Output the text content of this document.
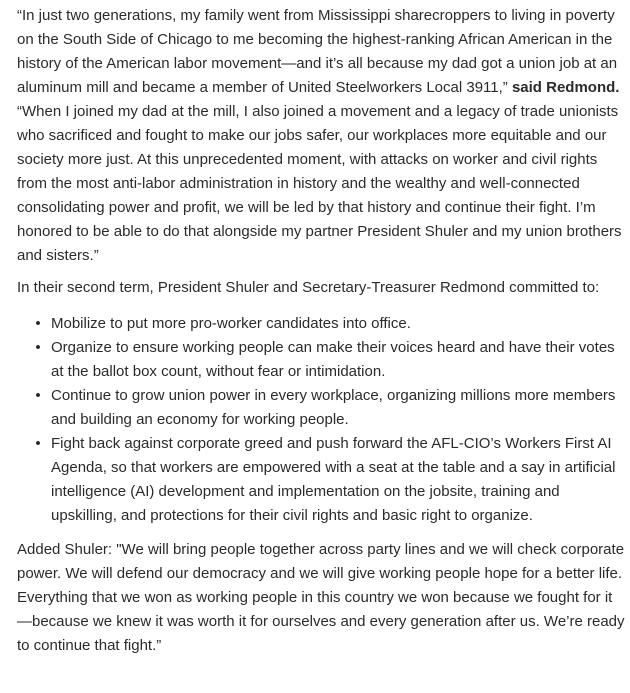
“In just two generations, my family went from Mississippi sharecroppers to living in poverty on the South Side of Chicago to me becoming the highest-ranking African American in the history of the American labor movement—and it’s all because my dad got a union job at an aluminum mill and became a member of United Steelworkers Local 3911,” said Redmond. “When I joined my dad at the mill, I also joined a movement and a legacy of trade unionists who sacrificed and fought to make our jobs safer, our workplaces more equitable and our society more just. At this unprecedented moment, with attacks on worker and civil rights from the most anti-labor administration in history and the wealthy and well-connected consolidating power and profit, we will be led by that history and continue their fight. I’m honored to be able to do that alongside my partner President Shuler and my union brothers and sisters.”

In their second term, President Shuler and Secretary-Treasurer Redmond committed to:

• Mobilize to put more pro-worker candidates into office.
• Organize to ensure working people can make their voices heard and have their votes at the ballot box count, without fear or intimidation.
• Continue to grow union power in every workplace, organizing millions more members and building an economy for working people.
• Fight back against corporate greed and push forward the AFL-CIO’s Workers First AI Agenda, so that workers are empowered with a seat at the table and a say in artificial intelligence (AI) development and implementation on the jobsite, training and upskilling, and protections for their civil rights and basic right to organize.

Added Shuler: "We will bring people together across party lines and we will check corporate power. We will defend our democracy and we will give working people hope for a better life. Everything that we won as working people in this country we won because we fought for it—because we knew it was worth it for ourselves and every generation after us. We’re ready to continue that fight.”
